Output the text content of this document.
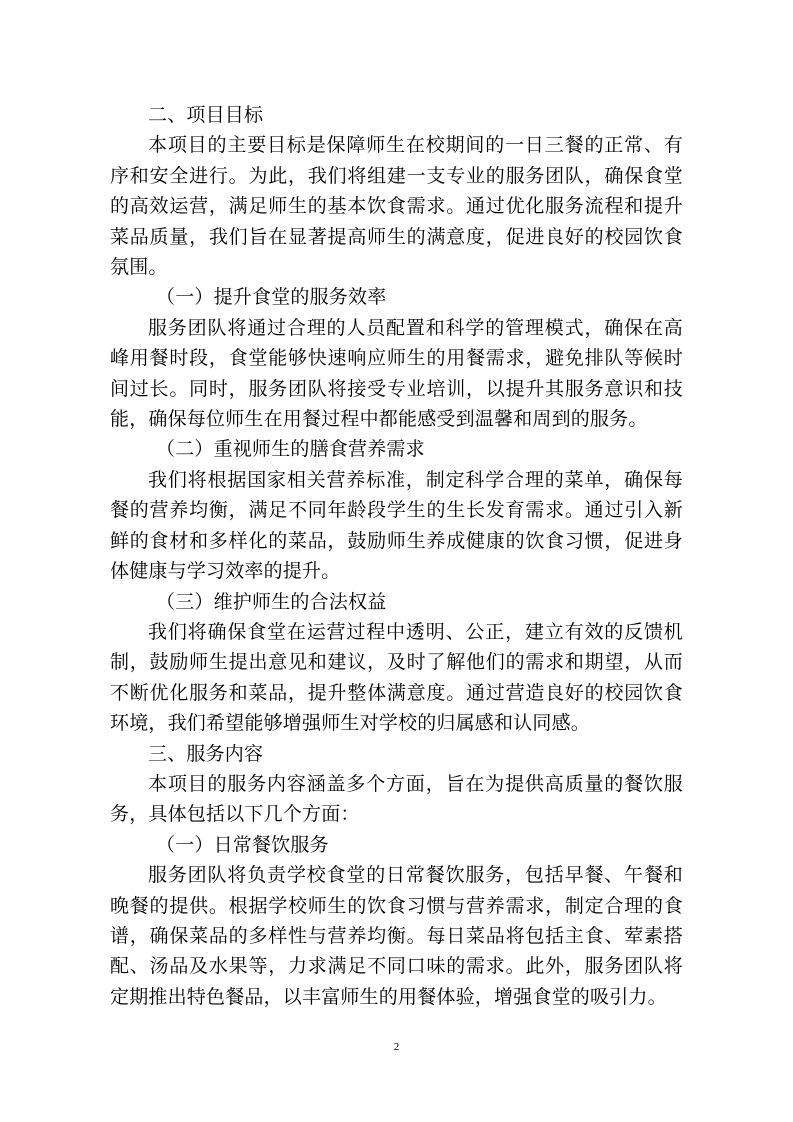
二、项目目标

本项目的主要目标是保障师生在校期间的一日三餐的正常、有序和安全进行。为此，我们将组建一支专业的服务团队，确保食堂的高效运营，满足师生的基本饮食需求。通过优化服务流程和提升菜品质量，我们旨在显著提高师生的满意度，促进良好的校园饮食氛围。

（一）提升食堂的服务效率

服务团队将通过合理的人员配置和科学的管理模式，确保在高峰用餐时段，食堂能够快速响应师生的用餐需求，避免排队等候时间过长。同时，服务团队将接受专业培训，以提升其服务意识和技能，确保每位师生在用餐过程中都能感受到温馨和周到的服务。

（二）重视师生的膳食营养需求

我们将根据国家相关营养标准，制定科学合理的菜单，确保每餐的营养均衡，满足不同年龄段学生的生长发育需求。通过引入新鲜的食材和多样化的菜品，鼓励师生养成健康的饮食习惯，促进身体健康与学习效率的提升。

（三）维护师生的合法权益

我们将确保食堂在运营过程中透明、公正，建立有效的反馈机制，鼓励师生提出意见和建议，及时了解他们的需求和期望，从而不断优化服务和菜品，提升整体满意度。通过营造良好的校园饮食环境，我们希望能够增强师生对学校的归属感和认同感。

三、服务内容

本项目的服务内容涵盖多个方面，旨在为提供高质量的餐饮服务，具体包括以下几个方面：

（一）日常餐饮服务

服务团队将负责学校食堂的日常餐饮服务，包括早餐、午餐和晚餐的提供。根据学校师生的饮食习惯与营养需求，制定合理的食谱，确保菜品的多样性与营养均衡。每日菜品将包括主食、荤素搭配、汤品及水果等，力求满足不同口味的需求。此外，服务团队将定期推出特色餐品，以丰富师生的用餐体验，增强食堂的吸引力。

2
